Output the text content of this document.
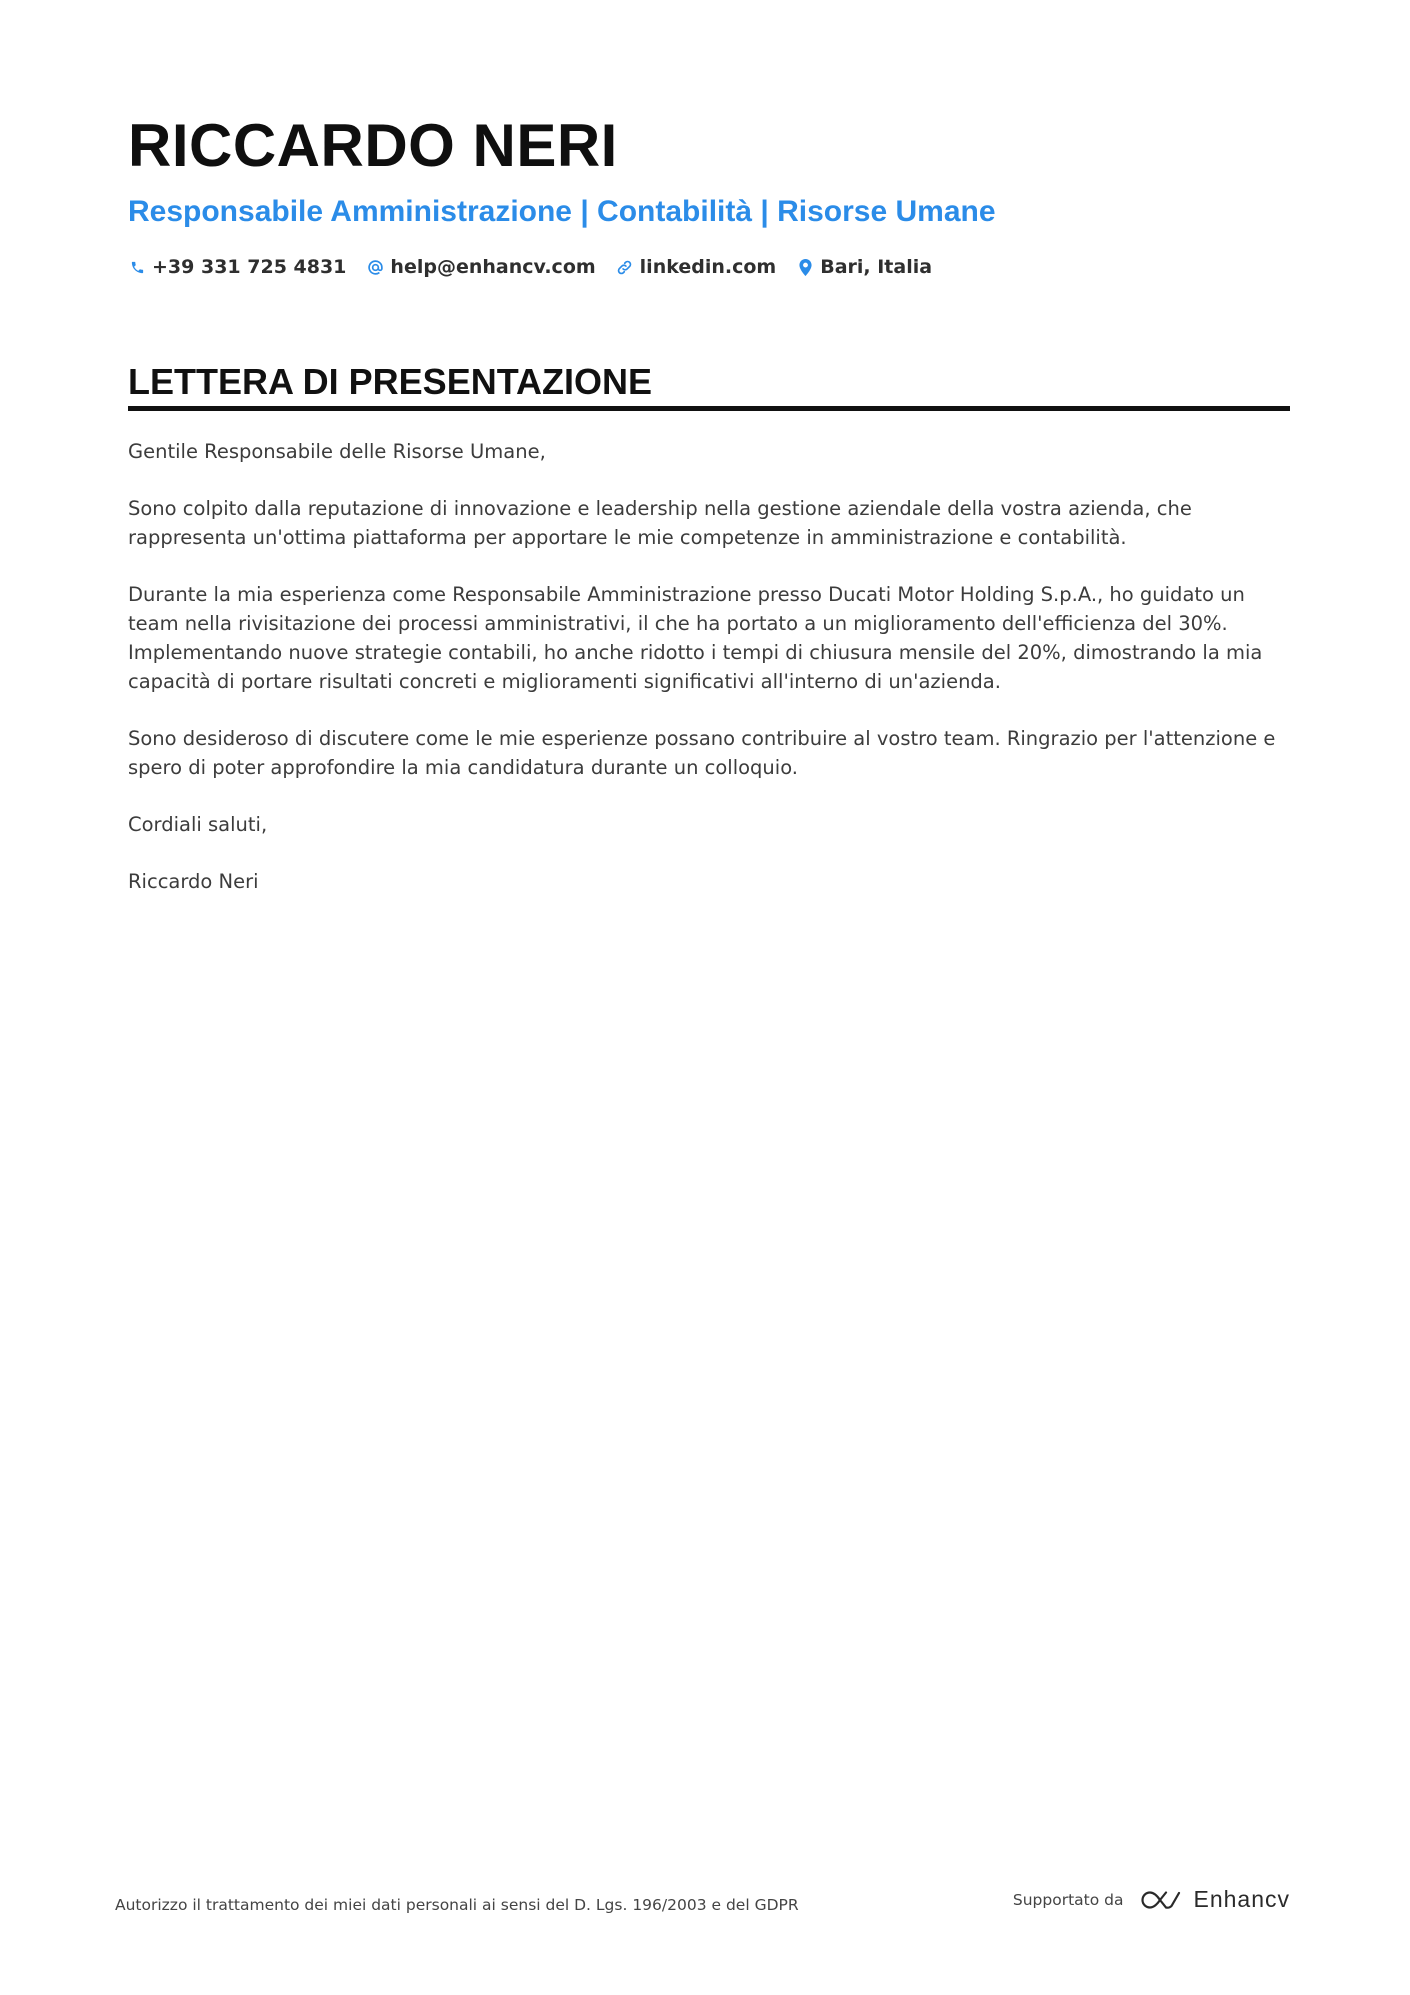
RICCARDO NERI
Responsabile Amministrazione | Contabilità | Risorse Umane
+39 331 725 4831 help@enhancv.com linkedin.com Bari, Italia
LETTERA DI PRESENTAZIONE

Gentile Responsabile delle Risorse Umane,

Sono colpito dalla reputazione di innovazione e leadership nella gestione aziendale della vostra azienda, che rappresenta un'ottima piattaforma per apportare le mie competenze in amministrazione e contabilità.

Durante la mia esperienza come Responsabile Amministrazione presso Ducati Motor Holding S.p.A., ho guidato un team nella rivisitazione dei processi amministrativi, il che ha portato a un miglioramento dell'efficienza del 30%. Implementando nuove strategie contabili, ho anche ridotto i tempi di chiusura mensile del 20%, dimostrando la mia capacità di portare risultati concreti e miglioramenti significativi all'interno di un'azienda.

Sono desideroso di discutere come le mie esperienze possano contribuire al vostro team. Ringrazio per l'attenzione e spero di poter approfondire la mia candidatura durante un colloquio.

Cordiali saluti,

Riccardo Neri

Autorizzo il trattamento dei miei dati personali ai sensi del D. Lgs. 196/2003 e del GDPR	Supportato da	Enhancv
